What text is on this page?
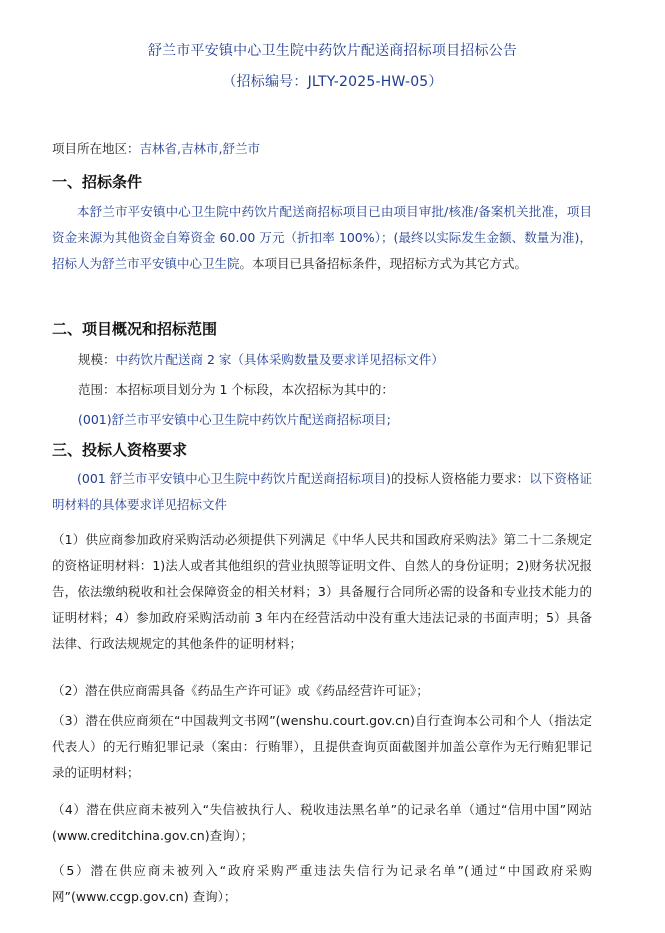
舒兰市平安镇中心卫生院中药饮片配送商招标项目招标公告
（招标编号：JLTY-2025-HW-05）
项目所在地区：吉林省,吉林市,舒兰市
一、招标条件
本舒兰市平安镇中心卫生院中药饮片配送商招标项目已由项目审批/核准/备案机关批准，项目资金来源为其他资金自筹资金 60.00 万元（折扣率 100%）；(最终以实际发生金额、数量为准)，招标人为舒兰市平安镇中心卫生院。本项目已具备招标条件，现招标方式为其它方式。
二、项目概况和招标范围
规模：中药饮片配送商 2 家（具体采购数量及要求详见招标文件）
范围：本招标项目划分为 1 个标段，本次招标为其中的：
(001)舒兰市平安镇中心卫生院中药饮片配送商招标项目;
三、投标人资格要求
(001 舒兰市平安镇中心卫生院中药饮片配送商招标项目)的投标人资格能力要求：以下资格证明材料的具体要求详见招标文件
（1）供应商参加政府采购活动必须提供下列满足《中华人民共和国政府采购法》第二十二条规定的资格证明材料：1)法人或者其他组织的营业执照等证明文件、自然人的身份证明；2)财务状况报告，依法缴纳税收和社会保障资金的相关材料；3）具备履行合同所必需的设备和专业技术能力的证明材料；4）参加政府采购活动前 3 年内在经营活动中没有重大违法记录的书面声明；5）具备法律、行政法规规定的其他条件的证明材料；
（2）潜在供应商需具备《药品生产许可证》或《药品经营许可证》；
（3）潜在供应商须在“中国裁判文书网”(wenshu.court.gov.cn)自行查询本公司和个人（指法定代表人）的无行贿犯罪记录（案由：行贿罪），且提供查询页面截图并加盖公章作为无行贿犯罪记录的证明材料；
（4）潜在供应商未被列入“失信被执行人、税收违法黑名单”的记录名单（通过“信用中国”网站(www.creditchina.gov.cn)查询）；
（5）潜在供应商未被列入“政府采购严重违法失信行为记录名单”(通过“中国政府采购网”(www.ccgp.gov.cn) 查询）；
